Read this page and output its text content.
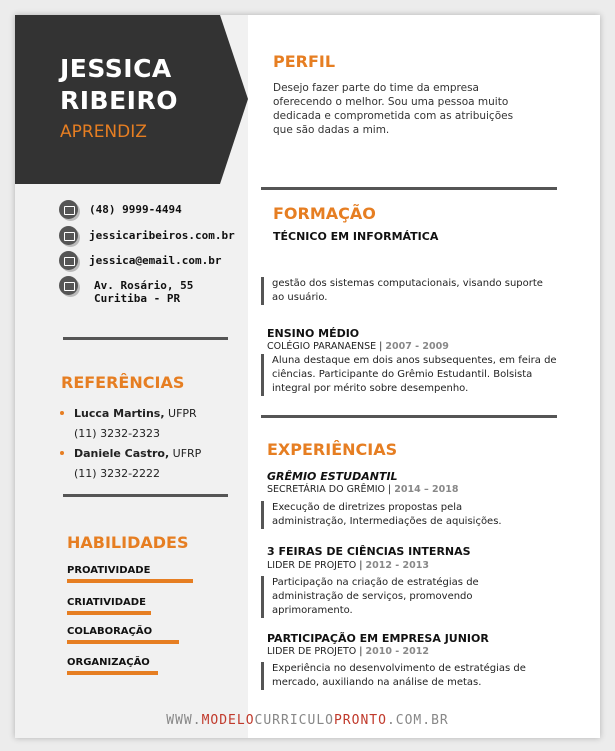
JESSICA
RIBEIRO
APRENDIZ
(48) 9999-4494
jessicaribeiros.com.br
jessica@email.com.br
Av. Rosário, 55
Curitiba - PR
REFERÊNCIAS
Lucca Martins, UFPR
(11) 3232-2323
Daniele Castro, UFRP
(11) 3232-2222
HABILIDADES
PROATIVIDADE
CRIATIVIDADE
COLABORAÇÃO
ORGANIZAÇÃO
PERFIL
Desejo fazer parte do time da empresa
oferecendo o melhor. Sou uma pessoa muito
dedicada e comprometida com as atribuições
que são dadas a mim.
FORMAÇÃO
TÉCNICO EM INFORMÁTICA
gestão dos sistemas computacionais, visando suporte
ao usuário.
ENSINO MÉDIO
COLÉGIO PARANAENSE | 2007 - 2009
Aluna destaque em dois anos subsequentes, em feira de
ciências. Participante do Grêmio Estudantil. Bolsista
integral por mérito sobre desempenho.
EXPERIÊNCIAS
GRÊMIO ESTUDANTIL
SECRETÁRIA DO GRÊMIO | 2014 – 2018
Execução de diretrizes propostas pela
administração, Intermediações de aquisições.
3 FEIRAS DE CIÊNCIAS INTERNAS
LIDER DE PROJETO | 2012 - 2013
Participação na criação de estratégias de
administração de serviços, promovendo
aprimoramento.
PARTICIPAÇÃO EM EMPRESA JUNIOR
LIDER DE PROJETO | 2010 - 2012
Experiência no desenvolvimento de estratégias de
mercado, auxiliando na análise de metas.
WWW.MODELOCURRICULOPRONTO.COM.BR
